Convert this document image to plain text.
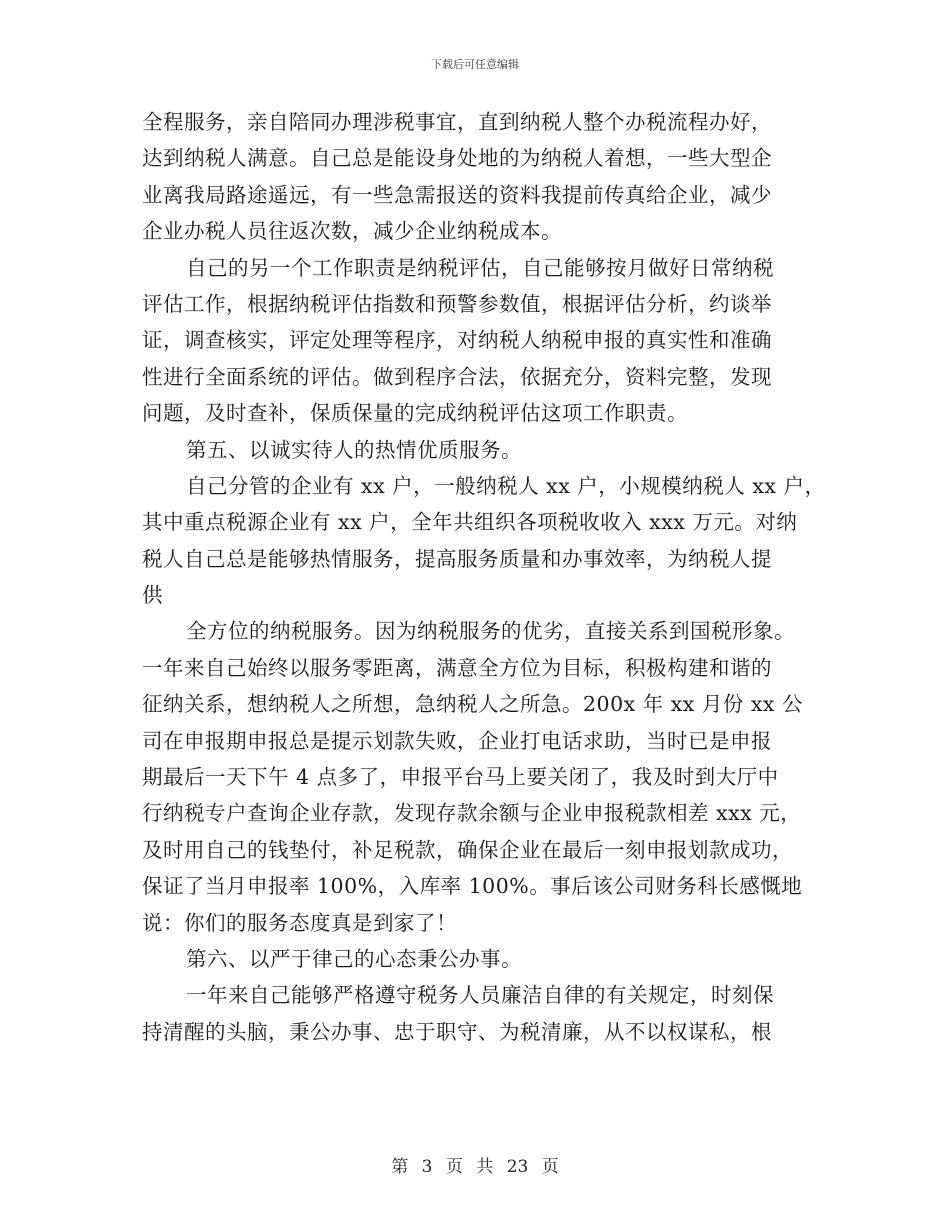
下载后可任意编辑
全程服务，亲自陪同办理涉税事宜，直到纳税人整个办税流程办好，
达到纳税人满意。自己总是能设身处地的为纳税人着想，一些大型企
业离我局路途遥远，有一些急需报送的资料我提前传真给企业，减少
企业办税人员往返次数，减少企业纳税成本。
自己的另一个工作职责是纳税评估，自己能够按月做好日常纳税
评估工作，根据纳税评估指数和预警参数值，根据评估分析，约谈举
证，调查核实，评定处理等程序，对纳税人纳税申报的真实性和准确
性进行全面系统的评估。做到程序合法，依据充分，资料完整，发现
问题，及时查补，保质保量的完成纳税评估这项工作职责。
第五、以诚实待人的热情优质服务。
自己分管的企业有 xx 户，一般纳税人 xx 户，小规模纳税人 xx 户，
其中重点税源企业有 xx 户，全年共组织各项税收收入 xxx 万元。对纳
税人自己总是能够热情服务，提高服务质量和办事效率，为纳税人提
供
全方位的纳税服务。因为纳税服务的优劣，直接关系到国税形象。
一年来自己始终以服务零距离，满意全方位为目标，积极构建和谐的
征纳关系，想纳税人之所想，急纳税人之所急。200x 年 xx 月份 xx 公
司在申报期申报总是提示划款失败，企业打电话求助，当时已是申报
期最后一天下午 4 点多了，申报平台马上要关闭了，我及时到大厅中
行纳税专户查询企业存款，发现存款余额与企业申报税款相差 xxx 元，
及时用自己的钱垫付，补足税款，确保企业在最后一刻申报划款成功，
保证了当月申报率 100%，入库率 100%。事后该公司财务科长感慨地
说：你们的服务态度真是到家了！
第六、以严于律己的心态秉公办事。
一年来自己能够严格遵守税务人员廉洁自律的有关规定，时刻保
持清醒的头脑，秉公办事、忠于职守、为税清廉，从不以权谋私，根
第 3 页 共 23 页
